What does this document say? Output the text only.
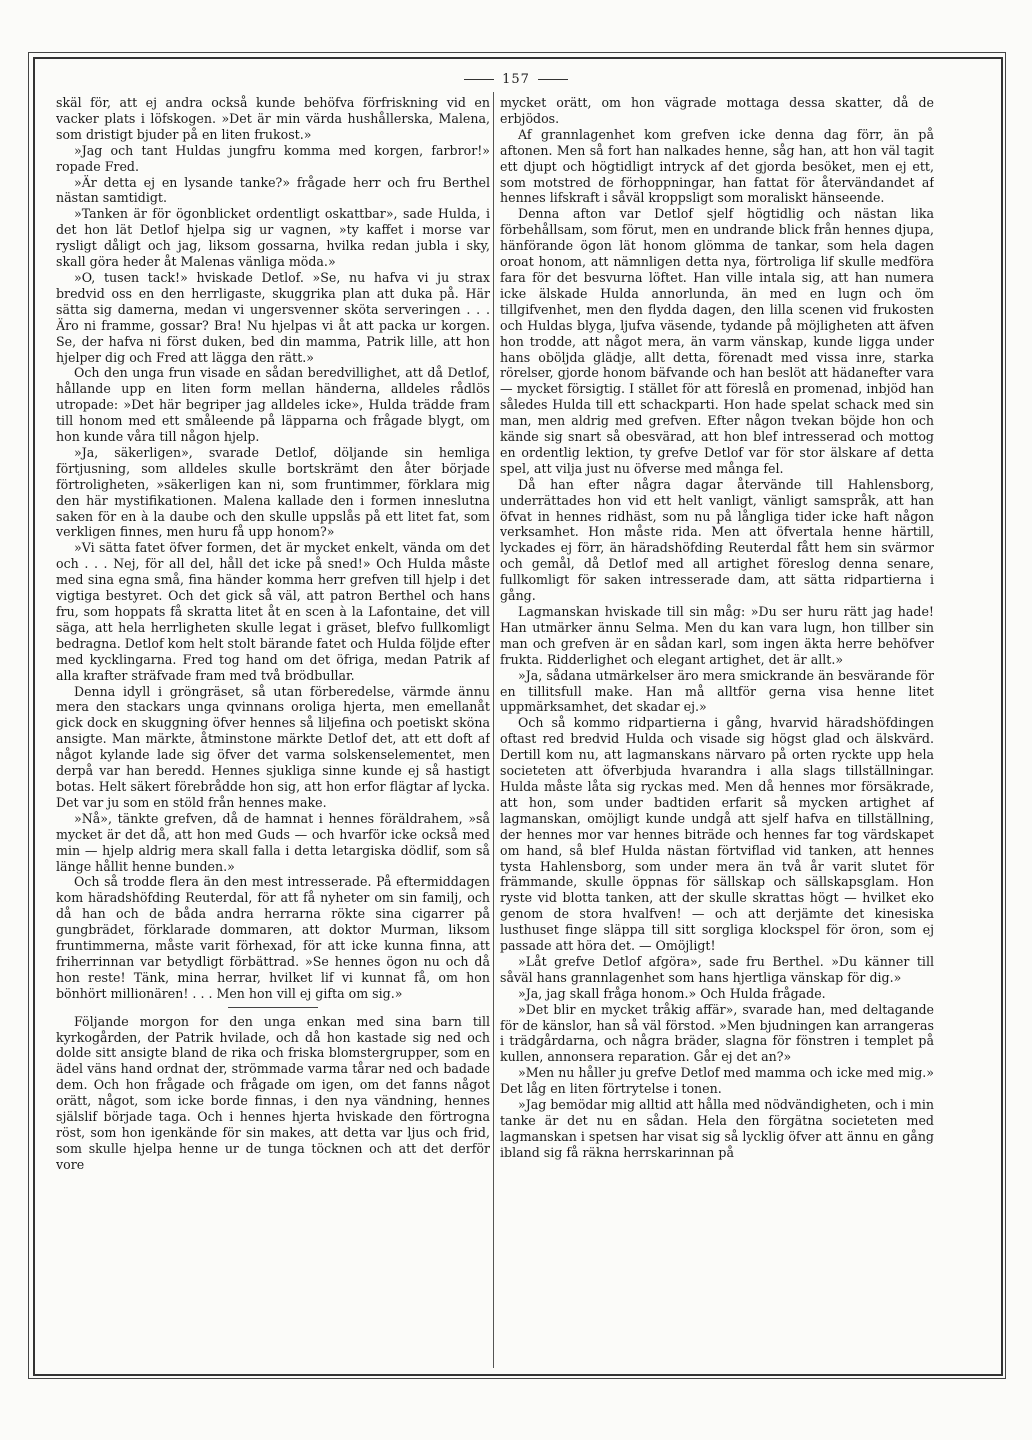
157

skäl för, att ej andra också kunde behöfva förfriskning vid en vacker plats i löfskogen. »Det är min värda hushållerska, Malena, som dristigt bjuder på en liten frukost.»

»Jag och tant Huldas jungfru komma med korgen, farbror!» ropade Fred.

»Är detta ej en lysande tanke?» frågade herr och fru Berthel nästan samtidigt.

»Tanken är för ögonblicket ordentligt oskattbar», sade Hulda, i det hon lät Detlof hjelpa sig ur vagnen, »ty kaffet i morse var rysligt dåligt och jag, liksom gossarna, hvilka redan jubla i sky, skall göra heder åt Malenas vänliga möda.»

»O, tusen tack!» hviskade Detlof. »Se, nu hafva vi ju strax bredvid oss en den herrligaste, skuggrika plan att duka på. Här sätta sig damerna, medan vi ungersvenner sköta serveringen . . . Äro ni framme, gossar? Bra! Nu hjelpas vi åt att packa ur korgen. Se, der hafva ni först duken, bed din mamma, Patrik lille, att hon hjelper dig och Fred att lägga den rätt.»

Och den unga frun visade en sådan beredvillighet, att då Detlof, hållande upp en liten form mellan händerna, alldeles rådlös utropade: »Det här begriper jag alldeles icke», Hulda trädde fram till honom med ett småleende på läpparna och frågade blygt, om hon kunde våra till någon hjelp.

»Ja, säkerligen», svarade Detlof, döljande sin hemliga förtjusning, som alldeles skulle bortskrämt den åter började förtroligheten, »säkerligen kan ni, som fruntimmer, förklara mig den här mystifikationen. Malena kallade den i formen inneslutna saken för en à la daube och den skulle uppslås på ett litet fat, som verkligen finnes, men huru få upp honom?»

»Vi sätta fatet öfver formen, det är mycket enkelt, vända om det och . . . Nej, för all del, håll det icke på sned!» Och Hulda måste med sina egna små, fina händer komma herr grefven till hjelp i det vigtiga bestyret. Och det gick så väl, att patron Berthel och hans fru, som hoppats få skratta litet åt en scen à la Lafontaine, det vill säga, att hela herrligheten skulle legat i gräset, blefvo fullkomligt bedragna. Detlof kom helt stolt bärande fatet och Hulda följde efter med kycklingarna. Fred tog hand om det öfriga, medan Patrik af alla krafter sträfvade fram med två brödbullar.

Denna idyll i gröngräset, så utan förberedelse, värmde ännu mera den stackars unga qvinnans oroliga hjerta, men emellanåt gick dock en skuggning öfver hennes så liljefina och poetiskt sköna ansigte. Man märkte, åtminstone märkte Detlof det, att ett doft af något kylande lade sig öfver det varma solskenselementet, men derpå var han beredd. Hennes sjukliga sinne kunde ej så hastigt botas. Helt säkert förebrådde hon sig, att hon erfor flägtar af lycka. Det var ju som en stöld från hennes make.

»Nå», tänkte grefven, då de hamnat i hennes föräldrahem, »så mycket är det då, att hon med Guds — och hvarför icke också med min — hjelp aldrig mera skall falla i detta letargiska dödlif, som så länge hållit henne bunden.»

Och så trodde flera än den mest intresserade. På eftermiddagen kom häradshöfding Reuterdal, för att få nyheter om sin familj, och då han och de båda andra herrarna rökte sina cigarrer på gungbrädet, förklarade dommaren, att doktor Murman, liksom fruntimmerna, måste varit förhexad, för att icke kunna finna, att friherrinnan var betydligt förbättrad. »Se hennes ögon nu och då hon reste! Tänk, mina herrar, hvilket lif vi kunnat få, om hon bönhört millionären! . . . Men hon vill ej gifta om sig.»

Följande morgon for den unga enkan med sina barn till kyrkogården, der Patrik hvilade, och då hon kastade sig ned och dolde sitt ansigte bland de rika och friska blomstergrupper, som en ädel väns hand ordnat der, strömmade varma tårar ned och badade dem. Och hon frågade och frågade om igen, om det fanns något orätt, något, som icke borde finnas, i den nya vändning, hennes själslif började taga. Och i hennes hjerta hviskade den förtrogna röst, som hon igenkände för sin makes, att detta var ljus och frid, som skulle hjelpa henne ur de tunga töcknen och att det derför vore

mycket orätt, om hon vägrade mottaga dessa skatter, då de erbjödos.

Af grannlagenhet kom grefven icke denna dag förr, än på aftonen. Men så fort han nalkades henne, såg han, att hon väl tagit ett djupt och högtidligt intryck af det gjorda besöket, men ej ett, som motstred de förhoppningar, han fattat för återvändandet af hennes lifskraft i såväl kroppsligt som moraliskt hänseende.

Denna afton var Detlof sjelf högtidlig och nästan lika förbehållsam, som förut, men en undrande blick från hennes djupa, hänförande ögon lät honom glömma de tankar, som hela dagen oroat honom, att nämnligen detta nya, förtroliga lif skulle medföra fara för det besvurna löftet. Han ville intala sig, att han numera icke älskade Hulda annorlunda, än med en lugn och öm tillgifvenhet, men den flydda dagen, den lilla scenen vid frukosten och Huldas blyga, ljufva väsende, tydande på möjligheten att äfven hon trodde, att något mera, än varm vänskap, kunde ligga under hans oböljda glädje, allt detta, förenadt med vissa inre, starka rörelser, gjorde honom bäfvande och han beslöt att hädanefter vara — mycket försigtig. I stället för att föreslå en promenad, inbjöd han således Hulda till ett schackparti. Hon hade spelat schack med sin man, men aldrig med grefven. Efter någon tvekan böjde hon och kände sig snart så obesvärad, att hon blef intresserad och mottog en ordentlig lektion, ty grefve Detlof var för stor älskare af detta spel, att vilja just nu öfverse med många fel.

Då han efter några dagar återvände till Hahlensborg, underrättades hon vid ett helt vanligt, vänligt samspråk, att han öfvat in hennes ridhäst, som nu på långliga tider icke haft någon verksamhet. Hon måste rida. Men att öfvertala henne härtill, lyckades ej förr, än häradshöfding Reuterdal fått hem sin svärmor och gemål, då Detlof med all artighet föreslog denna senare, fullkomligt för saken intresserade dam, att sätta ridpartierna i gång.

Lagmanskan hviskade till sin måg: »Du ser huru rätt jag hade! Han utmärker ännu Selma. Men du kan vara lugn, hon tillber sin man och grefven är en sådan karl, som ingen äkta herre behöfver frukta. Ridderlighet och elegant artighet, det är allt.»

»Ja, sådana utmärkelser äro mera smickrande än besvärande för en tillitsfull make. Han må alltför gerna visa henne litet uppmärksamhet, det skadar ej.»

Och så kommo ridpartierna i gång, hvarvid häradshöfdingen oftast red bredvid Hulda och visade sig högst glad och älskvärd. Dertill kom nu, att lagmanskans närvaro på orten ryckte upp hela societeten att öfverbjuda hvarandra i alla slags tillställningar. Hulda måste låta sig ryckas med. Men då hennes mor försäkrade, att hon, som under badtiden erfarit så mycken artighet af lagmanskan, omöjligt kunde undgå att sjelf hafva en tillställning, der hennes mor var hennes biträde och hennes far tog värdskapet om hand, så blef Hulda nästan förtviflad vid tanken, att hennes tysta Hahlensborg, som under mera än två år varit slutet för främmande, skulle öppnas för sällskap och sällskapsglam. Hon ryste vid blotta tanken, att der skulle skrattas högt — hvilket eko genom de stora hvalfven! — och att derjämte det kinesiska lusthuset finge släppa till sitt sorgliga klockspel för öron, som ej passade att höra det. — Omöjligt!

»Låt grefve Detlof afgöra», sade fru Berthel. »Du känner till såväl hans grannlagenhet som hans hjertliga vänskap för dig.»

»Ja, jag skall fråga honom.» Och Hulda frågade.

»Det blir en mycket tråkig affär», svarade han, med deltagande för de känslor, han så väl förstod. »Men bjudningen kan arrangeras i trädgårdarna, och några bräder, slagna för fönstren i templet på kullen, annonsera reparation. Går ej det an?»

»Men nu håller ju grefve Detlof med mamma och icke med mig.» Det låg en liten förtrytelse i tonen.

»Jag bemödar mig alltid att hålla med nödvändigheten, och i min tanke är det nu en sådan. Hela den förgätna societeten med lagmanskan i spetsen har visat sig så lycklig öfver att ännu en gång ibland sig få räkna herrskarinnan på
